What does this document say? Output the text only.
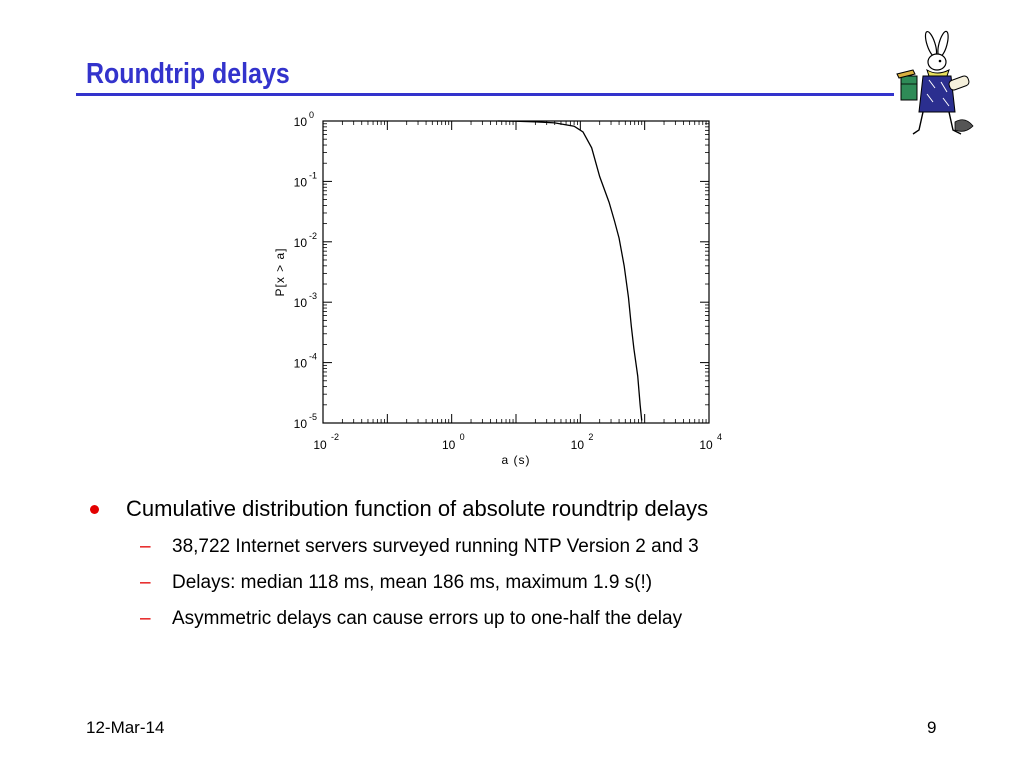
Roundtrip delays
10 0
10 -1
10 -2
10 -3
10 -4
10 -5
10
-2
10
0
10
2
10
4
a (s)
P[x > a]
Cumulative distribution function of absolute roundtrip delays
– 38,722 Internet servers surveyed running NTP Version 2 and 3
– Delays: median 118 ms, mean 186 ms, maximum 1.9 s(!)
– Asymmetric delays can cause errors up to one-half the delay
12-Mar-14	9
